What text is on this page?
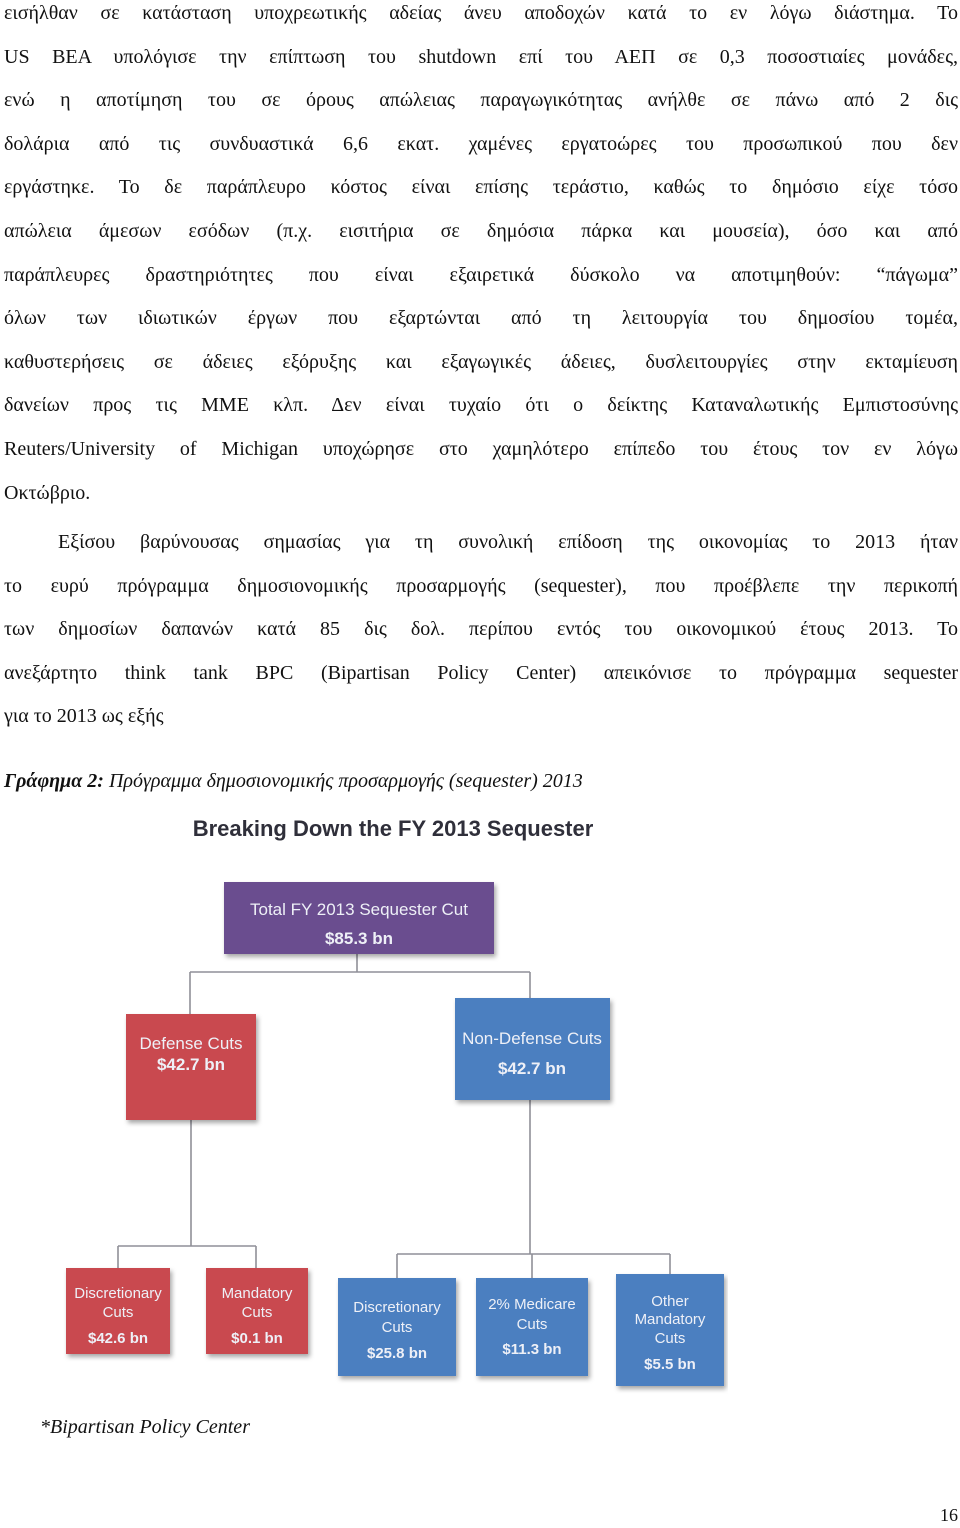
εισήλθαν σε κατάσταση υποχρεωτικής αδείας άνευ αποδοχών κατά το εν λόγω διάστημα. Το
US BEA υπολόγισε την επίπτωση του shutdown επί του ΑΕΠ σε 0,3 ποσοστιαίες μονάδες,
ενώ η αποτίμηση του σε όρους απώλειας παραγωγικότητας ανήλθε σε πάνω από 2 δις
δολάρια από τις συνδυαστικά 6,6 εκατ. χαμένες εργατοώρες του προσωπικού που δεν
εργάστηκε. Το δε παράπλευρο κόστος είναι επίσης τεράστιο, καθώς το δημόσιο είχε τόσο
απώλεια άμεσων εσόδων (π.χ. εισιτήρια σε δημόσια πάρκα και μουσεία), όσο και από
παράπλευρες δραστηριότητες που είναι εξαιρετικά δύσκολο να αποτιμηθούν: “πάγωμα”
όλων των ιδιωτικών έργων που εξαρτώνται από τη λειτουργία του δημοσίου τομέα,
καθυστερήσεις σε άδειες εξόρυξης και εξαγωγικές άδειες, δυσλειτουργίες στην εκταμίευση
δανείων προς τις ΜΜΕ κλπ. Δεν είναι τυχαίο ότι ο δείκτης Καταναλωτικής Εμπιστοσύνης
Reuters/University of Michigan υποχώρησε στο χαμηλότερο επίπεδο του έτους τον εν λόγω
Οκτώβριο.
Εξίσου βαρύνουσας σημασίας για τη συνολική επίδοση της οικονομίας το 2013 ήταν
το ευρύ πρόγραμμα δημοσιονομικής προσαρμογής (sequester), που προέβλεπε την περικοπή
των δημοσίων δαπανών κατά 85 δις δολ. περίπου εντός του οικονομικού έτους 2013. Το
ανεξάρτητο think tank BPC (Bipartisan Policy Center) απεικόνισε το πρόγραμμα sequester
για το 2013 ως εξής
Γράφημα 2: Πρόγραμμα δημοσιονομικής προσαρμογής (sequester) 2013
Breaking Down the FY 2013 Sequester
Total FY 2013 Sequester Cut
$85.3 bn
Defense Cuts
$42.7 bn
Non-Defense Cuts
$42.7 bn
Discretionary
Cuts
$42.6 bn
Mandatory
Cuts
$0.1 bn
Discretionary
Cuts
$25.8 bn
2% Medicare
Cuts
$11.3 bn
Other
Mandatory
Cuts
$5.5 bn
*Bipartisan Policy Center
16
